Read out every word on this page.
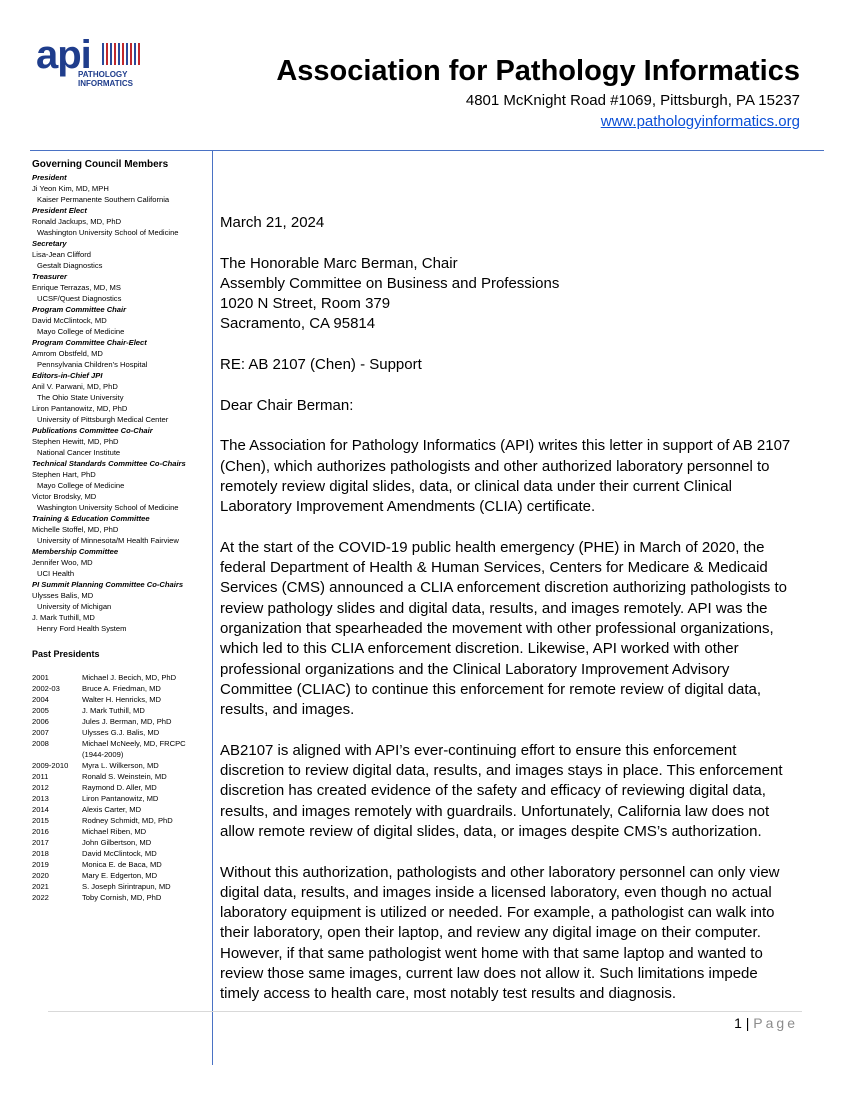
api
PATHOLOGY
INFORMATICS	Association for Pathology Informatics
4801 McKnight Road #1069, Pittsburgh, PA 15237
www.pathologyinformatics.org
Governing Council Members
President
Ji Yeon Kim, MD, MPH
Kaiser Permanente Southern California
President Elect
Ronald Jackups, MD, PhD
Washington University School of Medicine
Secretary
Lisa-Jean Clifford
Gestalt Diagnostics
Treasurer
Enrique Terrazas, MD, MS
UCSF/Quest Diagnostics
Program Committee Chair
David McClintock, MD
Mayo College of Medicine
Program Committee Chair-Elect
Amrom Obstfeld, MD
Pennsylvania Children’s Hospital
Editors-in-Chief JPI
Anil V. Parwani, MD, PhD
The Ohio State University
Liron Pantanowitz, MD, PhD
University of Pittsburgh Medical Center
Publications Committee Co-Chair
Stephen Hewitt, MD, PhD
National Cancer Institute
Technical Standards Committee Co-Chairs
Stephen Hart, PhD
Mayo College of Medicine
Victor Brodsky, MD
Washington University School of Medicine
Training & Education Committee
Michelle Stoffel, MD, PhD
University of Minnesota/M Health Fairview
Membership Committee
Jennifer Woo, MD
UCI Health
PI Summit Planning Committee Co-Chairs
Ulysses Balis, MD
University of Michigan
J. Mark Tuthill, MD
Henry Ford Health System
Past Presidents
2001	Michael J. Becich, MD, PhD
2002-03	Bruce A. Friedman, MD
2004	Walter H. Henricks, MD
2005	J. Mark Tuthill, MD
2006	Jules J. Berman, MD, PhD
2007	Ulysses G.J. Balis, MD
2008	Michael McNeely, MD, FRCPC
(1944-2009)
2009-2010	Myra L. Wilkerson, MD
2011	Ronald S. Weinstein, MD
2012	Raymond D. Aller, MD
2013	Liron Pantanowitz, MD
2014	Alexis Carter, MD
2015	Rodney Schmidt, MD, PhD
2016	Michael Riben, MD
2017	John Gilbertson, MD
2018	David McClintock, MD
2019	Monica E. de Baca, MD
2020	Mary E. Edgerton, MD
2021	S. Joseph Sirintrapun, MD
2022	Toby Cornish, MD, PhD

March 21, 2024

The Honorable Marc Berman, Chair

Assembly Committee on Business and Professions

1020 N Street, Room 379

Sacramento, CA 95814

RE: AB 2107 (Chen) - Support

Dear Chair Berman:

The Association for Pathology Informatics (API) writes this letter in support of AB 2107 (Chen), which authorizes pathologists and other authorized laboratory personnel to remotely review digital slides, data, or clinical data under their current Clinical Laboratory Improvement Amendments (CLIA) certificate.

At the start of the COVID-19 public health emergency (PHE) in March of 2020, the federal Department of Health & Human Services, Centers for Medicare & Medicaid Services (CMS) announced a CLIA enforcement discretion authorizing pathologists to review pathology slides and digital data, results, and images remotely. API was the organization that spearheaded the movement with other professional organizations, which led to this CLIA enforcement discretion. Likewise, API worked with other professional organizations and the Clinical Laboratory Improvement Advisory Committee (CLIAC) to continue this enforcement for remote review of digital data, results, and images.

AB2107 is aligned with API’s ever-continuing effort to ensure this enforcement discretion to review digital data, results, and images stays in place. This enforcement discretion has created evidence of the safety and efficacy of reviewing digital data, results, and images remotely with guardrails. Unfortunately, California law does not allow remote review of digital slides, data, or images despite CMS’s authorization.

Without this authorization, pathologists and other laboratory personnel can only view digital data, results, and images inside a licensed laboratory, even though no actual laboratory equipment is utilized or needed. For example, a pathologist can walk into their laboratory, open their laptop, and review any digital image on their computer. However, if that same pathologist went home with that same laptop and wanted to review those same images, current law does not allow it. Such limitations impede timely access to health care, most notably test results and diagnosis.

1 | Page
